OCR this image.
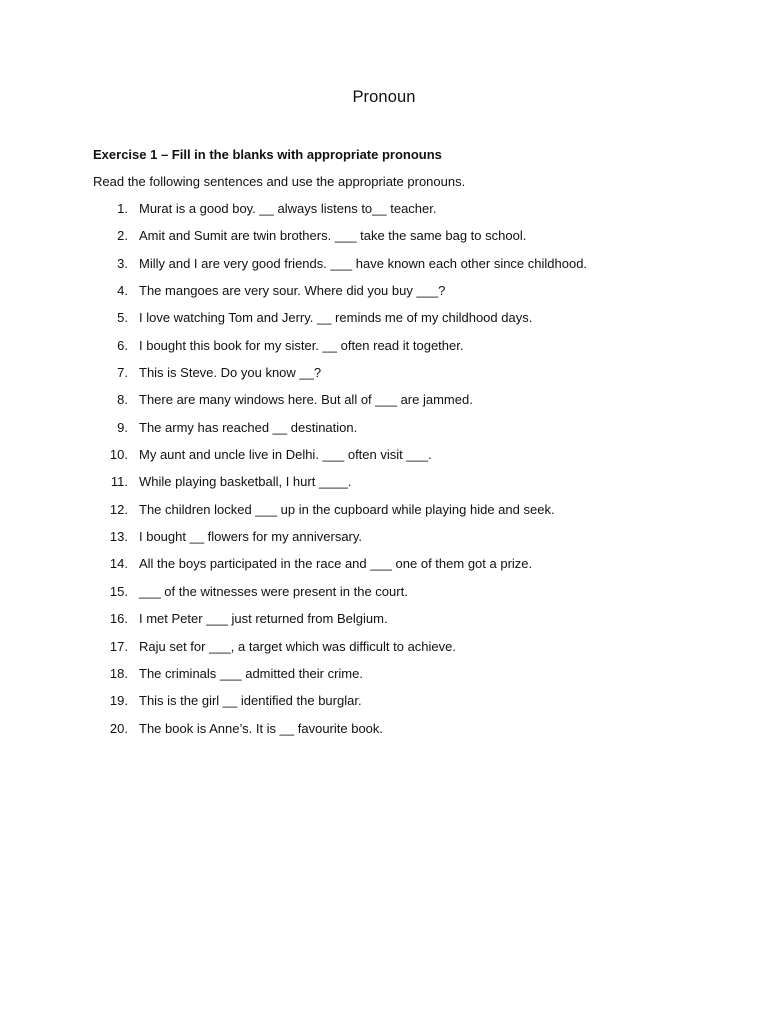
Pronoun
Exercise 1 – Fill in the blanks with appropriate pronouns
Read the following sentences and use the appropriate pronouns.
1. Murat is a good boy. __ always listens to__ teacher.
2. Amit and Sumit are twin brothers. ___ take the same bag to school.
3. Milly and I are very good friends. ___ have known each other since childhood.
4. The mangoes are very sour. Where did you buy ___?
5. I love watching Tom and Jerry. __ reminds me of my childhood days.
6. I bought this book for my sister. __ often read it together.
7. This is Steve. Do you know __?
8. There are many windows here. But all of ___ are jammed.
9. The army has reached __ destination.
10. My aunt and uncle live in Delhi. ___ often visit ___.
11. While playing basketball, I hurt ____.
12. The children locked ___ up in the cupboard while playing hide and seek.
13. I bought __ flowers for my anniversary.
14. All the boys participated in the race and ___ one of them got a prize.
15. ___ of the witnesses were present in the court.
16. I met Peter ___ just returned from Belgium.
17. Raju set for ___, a target which was difficult to achieve.
18. The criminals ___ admitted their crime.
19. This is the girl __ identified the burglar.
20. The book is Anne’s. It is __ favourite book.
